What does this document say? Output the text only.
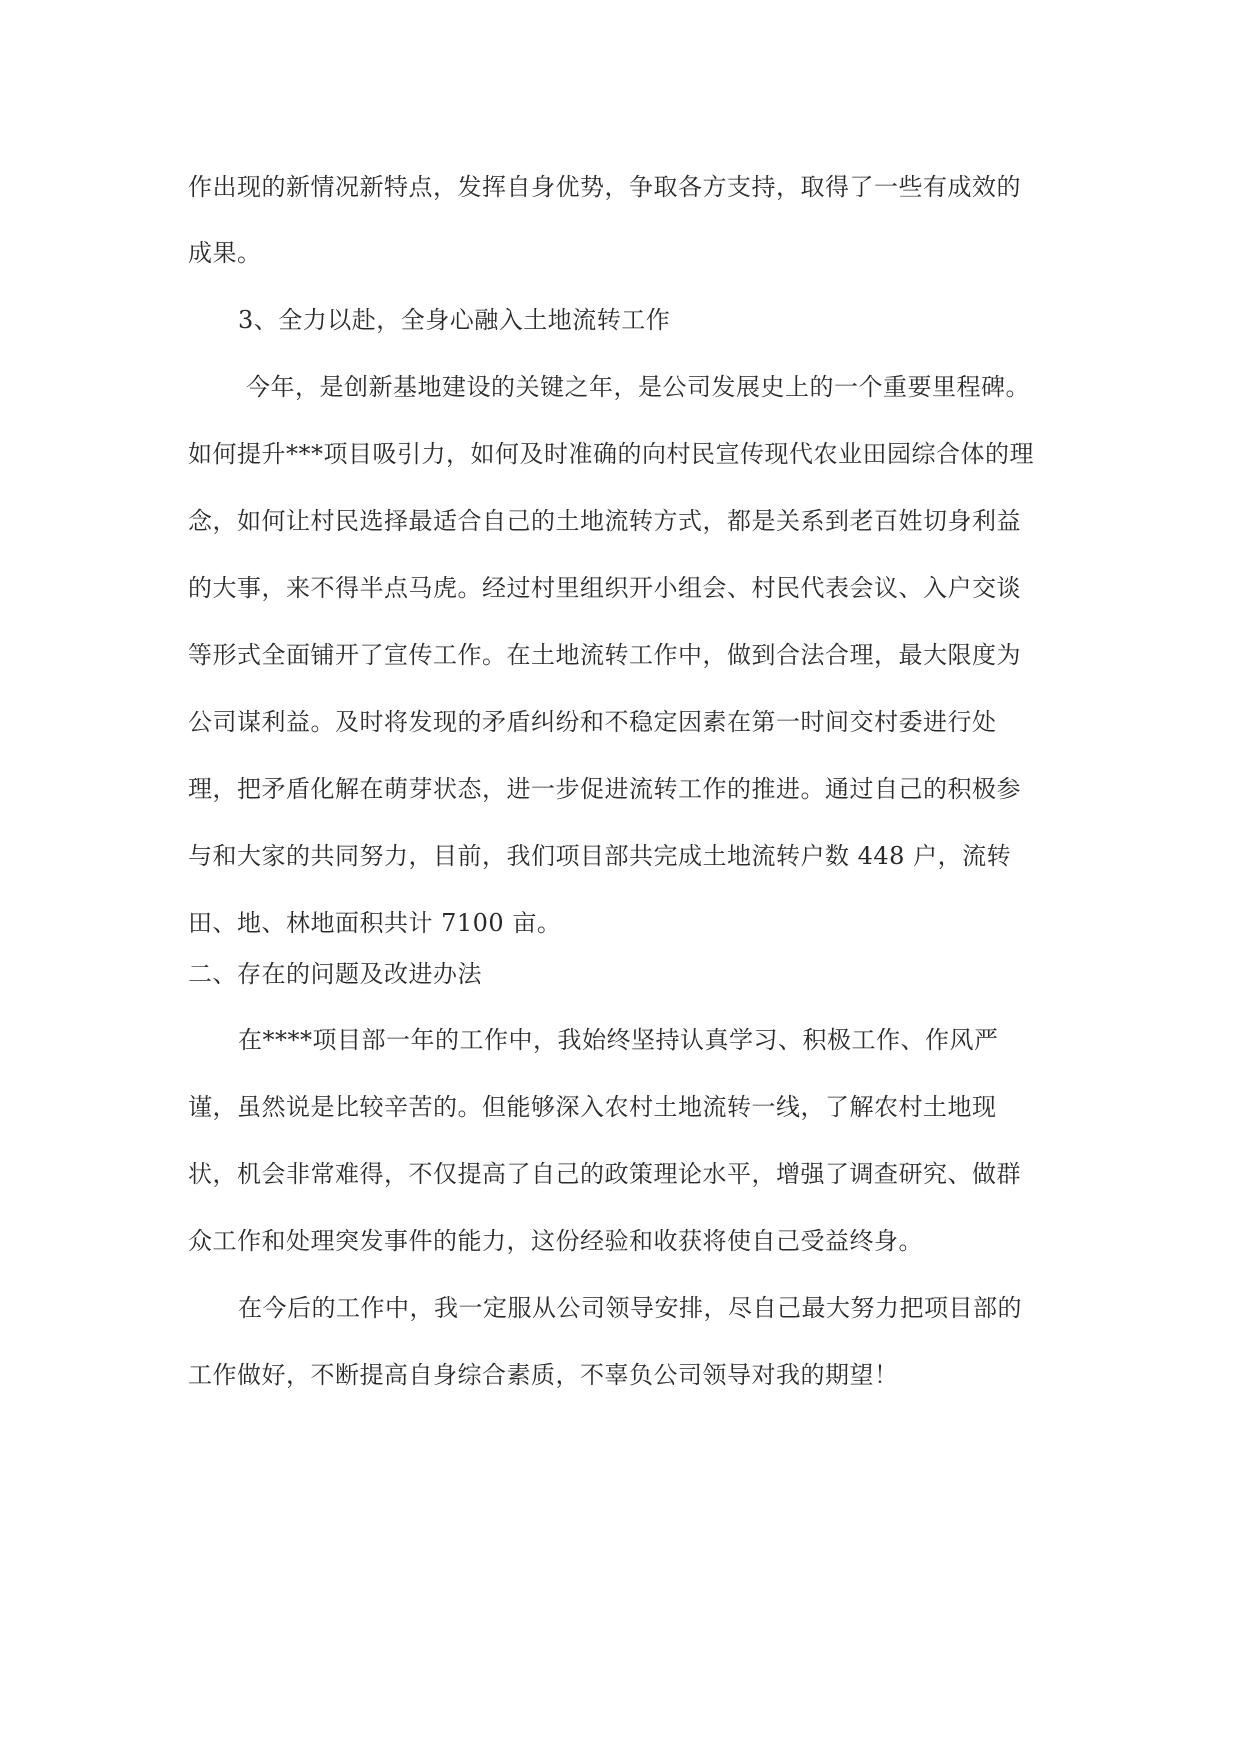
作出现的新情况新特点，发挥自身优势，争取各方支持，取得了一些有成效的
成果。
3、全力以赴，全身心融入土地流转工作
今年，是创新基地建设的关键之年，是公司发展史上的一个重要里程碑。
如何提升***项目吸引力，如何及时准确的向村民宣传现代农业田园综合体的理
念，如何让村民选择最适合自己的土地流转方式，都是关系到老百姓切身利益
的大事，来不得半点马虎。经过村里组织开小组会、村民代表会议、入户交谈
等形式全面铺开了宣传工作。在土地流转工作中，做到合法合理，最大限度为
公司谋利益。及时将发现的矛盾纠纷和不稳定因素在第一时间交村委进行处
理，把矛盾化解在萌芽状态，进一步促进流转工作的推进。通过自己的积极参
与和大家的共同努力，目前，我们项目部共完成土地流转户数 448 户，流转
田、地、林地面积共计 7100 亩。
二、存在的问题及改进办法
在****项目部一年的工作中，我始终坚持认真学习、积极工作、作风严
谨，虽然说是比较辛苦的。但能够深入农村土地流转一线，了解农村土地现
状，机会非常难得，不仅提高了自己的政策理论水平，增强了调查研究、做群
众工作和处理突发事件的能力，这份经验和收获将使自己受益终身。
在今后的工作中，我一定服从公司领导安排，尽自己最大努力把项目部的
工作做好，不断提高自身综合素质，不辜负公司领导对我的期望！
